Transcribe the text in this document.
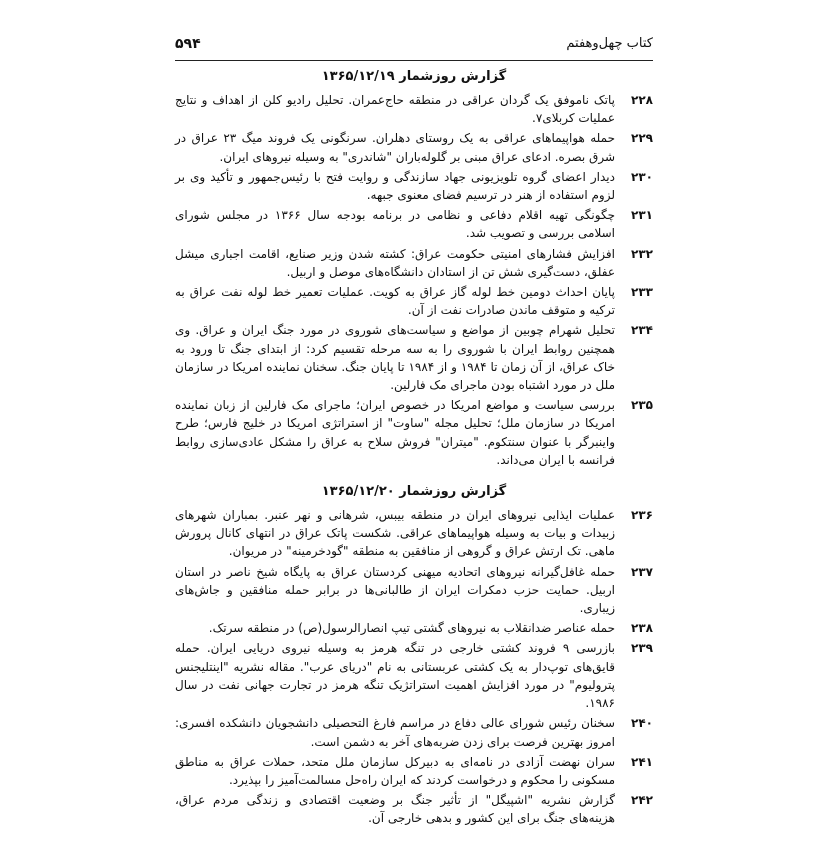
کتاب چهل‌وهفتم
۵۹۴
گزارش روزشمار ۱۳۶۵/۱۲/۱۹
۲۲۸
پاتک ناموفق یک گردان عراقی در منطقه حاج‌عمران. تحلیل رادیو کلن از اهداف و نتایج عملیات کربلای۷.
۲۲۹
حمله هواپیماهای عراقی به یک روستای دهلران. سرنگونی یک فروند میگ ۲۳ عراق در شرق بصره. ادعای عراق مبنی بر گلوله‌باران "شاندری" به وسیله نیروهای ایران.
۲۳۰
دیدار اعضای گروه تلویزیونی جهاد سازندگی و روایت فتح با رئیس‌جمهور و تأکید وی بر لزوم استفاده از هنر در ترسیم فضای معنوی جبهه.
۲۳۱
چگونگی تهیه اقلام دفاعی و نظامی در برنامه بودجه سال ۱۳۶۶ در مجلس شورای اسلامی بررسی و تصویب شد.
۲۳۲
افزایش فشارهای امنیتی حکومت عراق: کشته شدن وزیر صنایع، اقامت اجباری میشل عفلق، دست‌گیری شش تن از استادان دانشگاه‌های موصل و اربیل.
۲۳۳
پایان احداث دومین خط لوله گاز عراق به کویت. عملیات تعمیر خط لوله نفت عراق به ترکیه و متوقف ماندن صادرات نفت از آن.
۲۳۴
تحلیل شهرام چوبین از مواضع و سیاست‌های شوروی در مورد جنگ ایران و عراق. وی همچنین روابط ایران با شوروی را به سه مرحله تقسیم کرد: از ابتدای جنگ تا ورود به خاک عراق، از آن زمان تا ۱۹۸۴ و از ۱۹۸۴ تا پایان جنگ. سخنان نماینده امریکا در سازمان ملل در مورد اشتباه بودن ماجرای مک فارلین.
۲۳۵
بررسی سیاست و مواضع امریکا در خصوص ایران؛ ماجرای مک فارلین از زبان نماینده امریکا در سازمان ملل؛ تحلیل مجله "ساوت" از استراتژی امریکا در خلیج فارس؛ طرح واینبرگر با عنوان سنتکوم. "میتران" فروش سلاح به عراق را مشکل عادی‌سازی روابط فرانسه با ایران می‌داند.
گزارش روزشمار ۱۳۶۵/۱۲/۲۰
۲۳۶
عملیات ایذایی نیروهای ایران در منطقه بیبس، شرهانی و نهر عنبر. بمباران شهرهای زبیدات و بیات به وسیله هواپیماهای عراقی. شکست پاتک عراق در انتهای کانال پرورش ماهی. تک ارتش عراق و گروهی از منافقین به منطقه "گودخرمینه" در مریوان.
۲۳۷
حمله غافل‌گیرانه نیروهای اتحادیه میهنی کردستان عراق به پایگاه شیخ ناصر در استان اربیل. حمایت حزب دمکرات ایران از طالبانی‌ها در برابر حمله منافقین و جاش‌های زیباری.
۲۳۸
حمله عناصر ضدانقلاب به نیروهای گشتی تیپ انصارالرسول(ص) در منطقه سرتک.
۲۳۹
بازرسی ۹ فروند کشتی خارجی در تنگه هرمز به وسیله نیروی دریایی ایران. حمله قایق‌های توپ‌دار به یک کشتی عربستانی به نام "دریای عرب". مقاله نشریه "اینتلیجنس پترولیوم" در مورد افزایش اهمیت استراتژیک تنگه هرمز در تجارت جهانی نفت در سال ۱۹۸۶.
۲۴۰
سخنان رئیس شورای عالی دفاع در مراسم فارغ التحصیلی دانشجویان دانشکده افسری: امروز بهترین فرصت برای زدن ضربه‌های آخر به دشمن است.
۲۴۱
سران نهضت آزادی در نامه‌ای به دبیرکل سازمان ملل متحد، حملات عراق به مناطق مسکونی را محکوم و درخواست کردند که ایران راه‌حل مسالمت‌آمیز را بپذیرد.
۲۴۲
گزارش نشریه "اشپیگل" از تأثیر جنگ بر وضعیت اقتصادی و زندگی مردم عراق، هزینه‌های جنگ برای این کشور و بدهی خارجی آن.
